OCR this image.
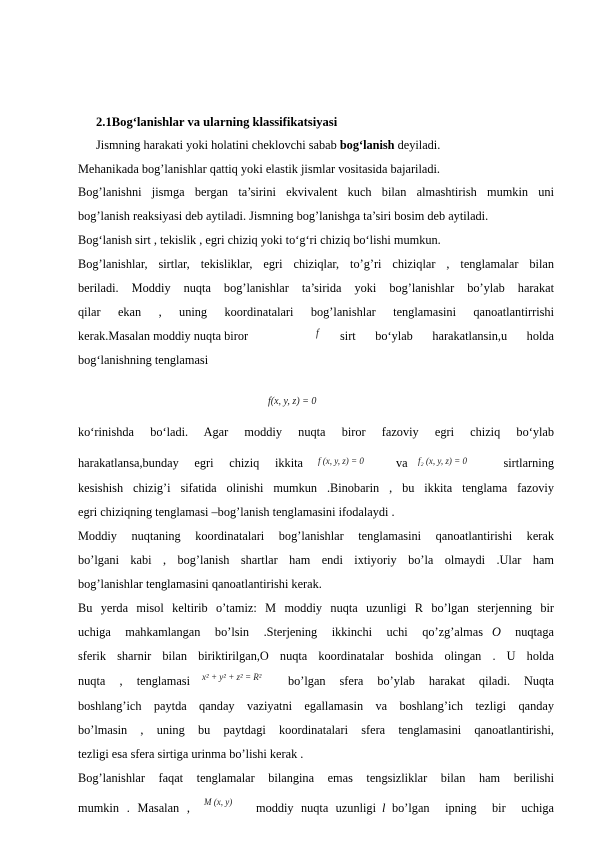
2.1Bog‘lanishlar va ularning klassifikatsiyasi
Jismning harakati yoki holatini cheklovchi sabab bog‘lanish deyiladi.
Mehanikada bog’lanishlar qattiq yoki elastik jismlar vositasida bajariladi.
Bog’lanishni jismga bergan ta’sirini ekvivalent kuch bilan almashtirish mumkin uni
bog’lanish reaksiyasi deb aytiladi. Jismning bog’lanishga ta’siri bosim deb aytiladi.
Bog‘lanish sirt , tekislik , egri chiziq yoki to‘g‘ri chiziq bo‘lishi mumkun.
Bog’lanishlar, sirtlar, tekisliklar, egri chiziqlar, to’g’ri chiziqlar , tenglamalar bilan
beriladi. Moddiy nuqta bog’lanishlar ta’sirida yoki bog’lanishlar bo’ylab harakat
qilar ekan , uning koordinatalari bog’lanishlar tenglamasini qanoatlantirrishi
kerak.Masalan moddiy nuqta biror	f sirt bo‘ylab harakatlansin,u holda
bog‘lanishning tenglamasi
f(x, y, z) = 0
ko‘rinishda bo‘ladi. Agar moddiy nuqta biror fazoviy egri chiziq bo‘ylab
harakatlansa,bunday egri chiziq ikkita f (x, y, z) = 0	va f₂ (x, y, z) = 0	sirtlarning
kesishish chizig’i sifatida olinishi mumkun .Binobarin , bu ikkita tenglama fazoviy
egri chiziqning tenglamasi –bog’lanish tenglamasini ifodalaydi .
Moddiy nuqtaning koordinatalari bog’lanishlar tenglamasini qanoatlantirishi kerak
bo’lgani kabi , bog’lanish shartlar ham endi ixtiyoriy bo’la olmaydi .Ular ham
bog’lanishlar tenglamasini qanoatlantirishi kerak.
Bu yerda misol keltirib o’tamiz: M moddiy nuqta uzunligi R bo’lgan sterjenning bir
uchiga mahkamlangan bo’lsin .Sterjening ikkinchi uchi qo’zg’almas O	nuqtaga
sferik sharnir bilan biriktirilgan,O nuqta koordinatalar boshida olingan . U holda
nuqta , tenglamasi x² + y² + z² = R² bo’lgan sfera bo’ylab harakat qiladi. Nuqta
boshlang’ich paytda qanday vaziyatni egallamasin va boshlang’ich tezligi qanday
bo’lmasin , uning bu paytdagi koordinatalari sfera tenglamasini qanoatlantirishi,
tezligi esa sfera sirtiga urinma bo’lishi kerak .
Bog’lanishlar faqat tenglamalar bilangina emas tengsizliklar bilan ham berilishi
mumkin . Masalan , M (x, y) moddiy nuqta uzunligi l bo’lgan ipning bir uchiga
